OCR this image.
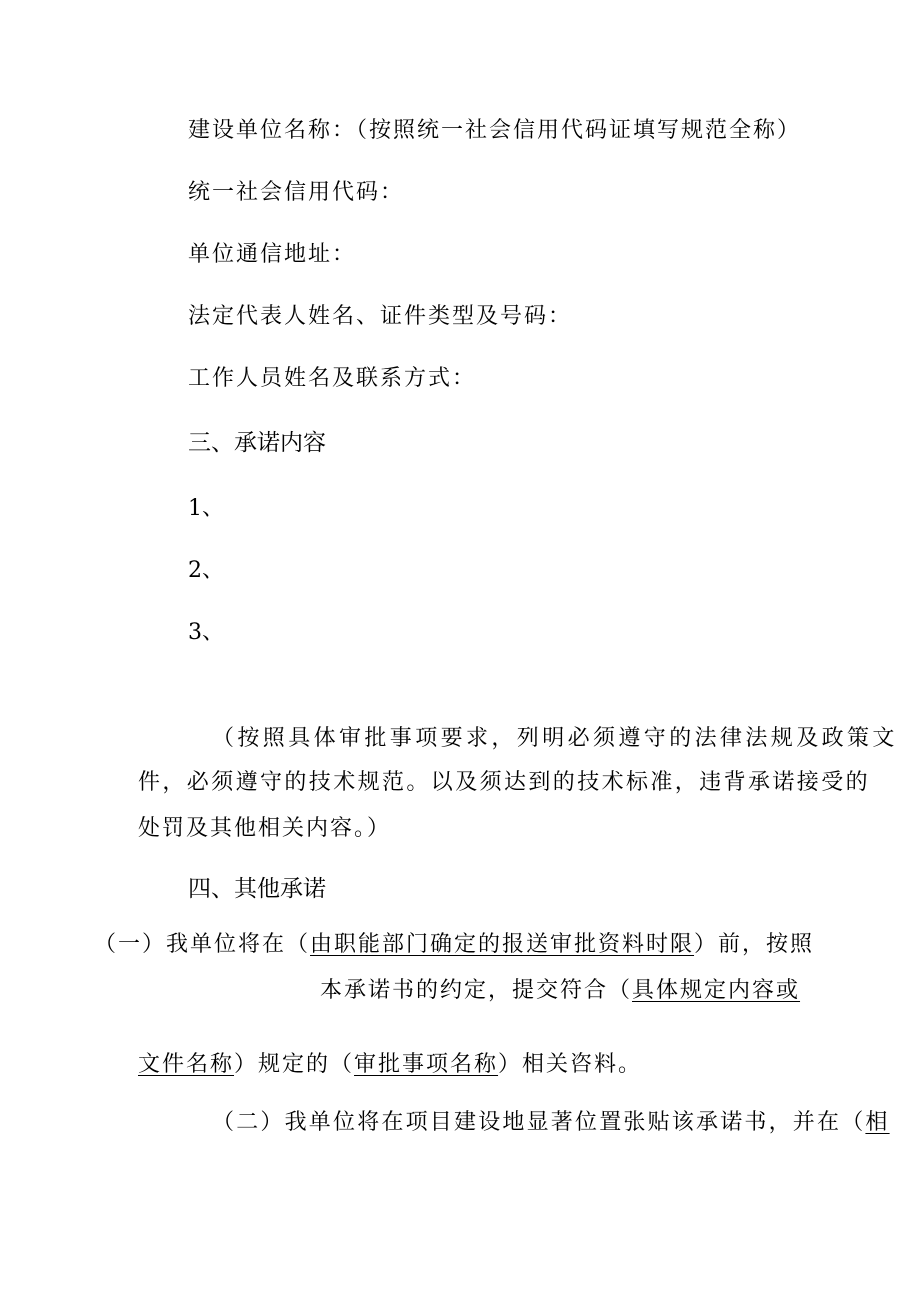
建设单位名称：（按照统一社会信用代码证填写规范全称）
统一社会信用代码：
单位通信地址：
法定代表人姓名、证件类型及号码：
工作人员姓名及联系方式：
三、承诺内容
1、
2、
3、
（按照具体审批事项要求，列明必须遵守的法律法规及政策文
件，必须遵守的技术规范。以及须达到的技术标准，违背承诺接受的
处罚及其他相关内容。）
四、其他承诺
（一）我单位将在（由职能部门确定的报送审批资料时限）前，按照
本承诺书的约定，提交符合（具体规定内容或
文件名称）规定的（审批事项名称）相关咨料。
（二）我单位将在项目建设地显著位置张贴该承诺书，并在（相
